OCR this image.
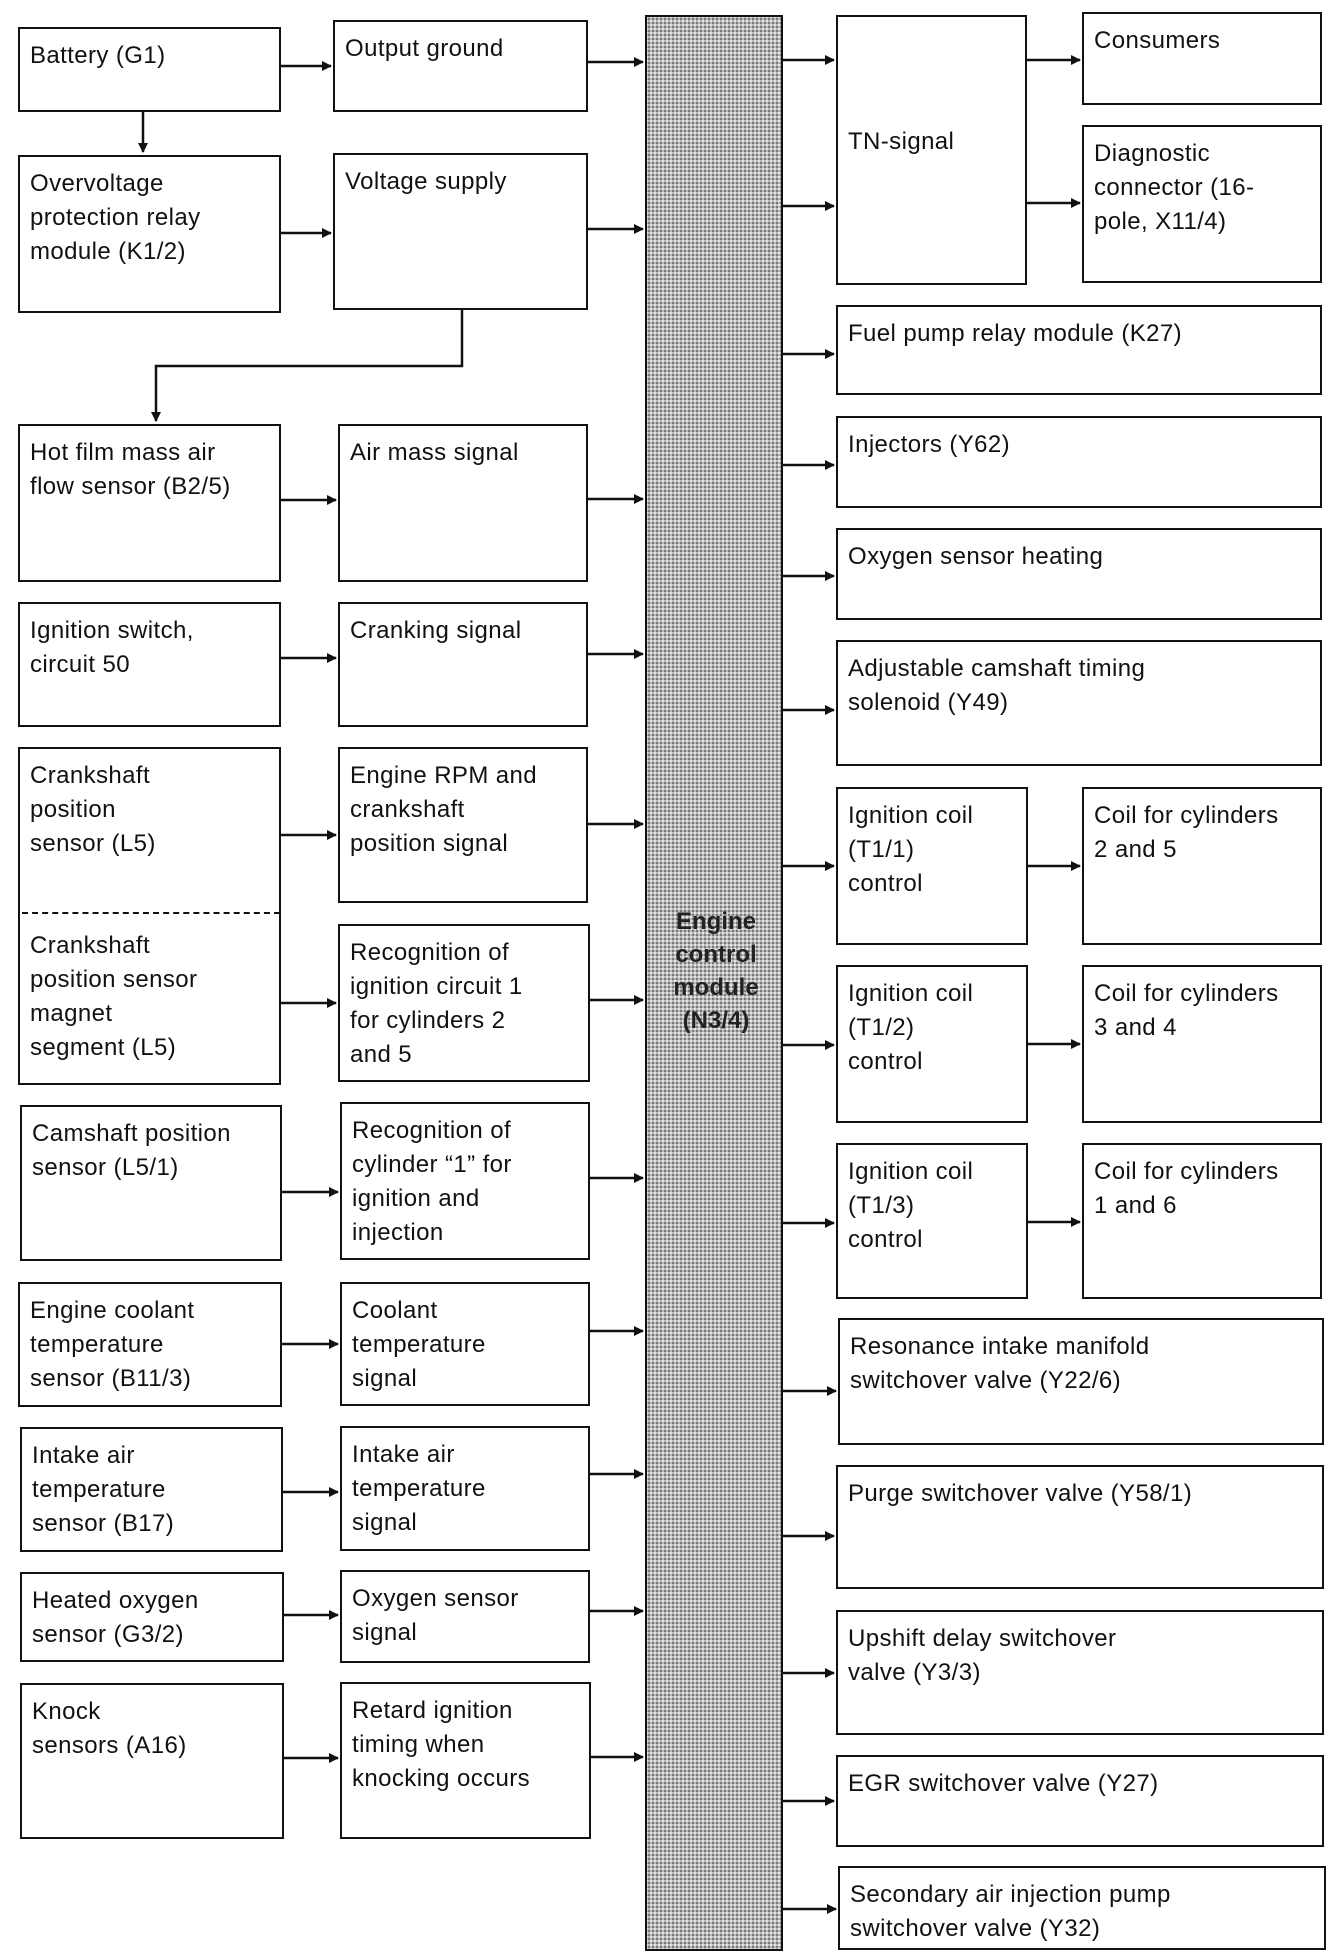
Engine
control
module
(N3/4)
Battery (G1)
Overvoltage
protection relay
module (K1/2)
Hot film mass air
flow sensor (B2/5)
Ignition switch,
circuit 50
Crankshaft
position
sensor (L5)
Crankshaft
position sensor
magnet
segment (L5)
Camshaft position
sensor (L5/1)
Engine coolant
temperature
sensor (B11/3)
Intake air
temperature
sensor (B17)
Heated oxygen
sensor (G3/2)
Knock
sensors (A16)
Output ground
Voltage supply
Air mass signal
Cranking signal
Engine RPM and
crankshaft
position signal
Recognition of
ignition circuit 1
for cylinders 2
and 5
Recognition of
cylinder “1” for
ignition and
injection
Coolant
temperature
signal
Intake air
temperature
signal
Oxygen sensor
signal
Retard ignition
timing when
knocking occurs
TN-signal
Consumers
Diagnostic
connector (16-
pole, X11/4)
Fuel pump relay module (K27)
Injectors (Y62)
Oxygen sensor heating
Adjustable camshaft timing
solenoid (Y49)
Ignition coil
(T1/1)
control
Coil for cylinders
2 and 5
Ignition coil
(T1/2)
control
Coil for cylinders
3 and 4
Ignition coil
(T1/3)
control
Coil for cylinders
1 and 6
Resonance intake manifold
switchover valve (Y22/6)
Purge switchover valve (Y58/1)
Upshift delay switchover
valve (Y3/3)
EGR switchover valve (Y27)
Secondary air injection pump
switchover valve (Y32)
